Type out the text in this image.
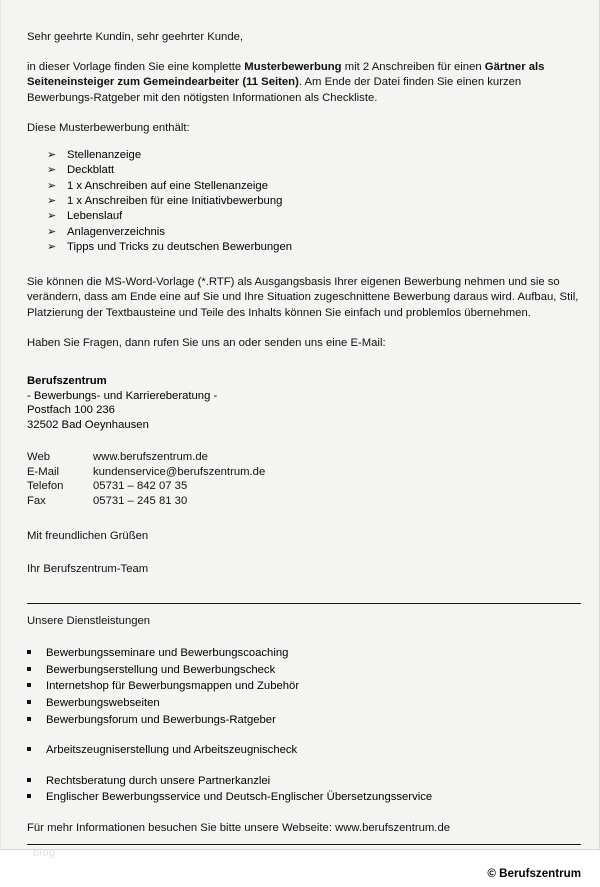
Sehr geehrte Kundin, sehr geehrter Kunde,

in dieser Vorlage finden Sie eine komplette Musterbewerbung mit 2 Anschreiben für einen Gärtner als Seiteneinsteiger zum Gemeindearbeiter (11 Seiten). Am Ende der Datei finden Sie einen kurzen Bewerbungs-Ratgeber mit den nötigsten Informationen als Checkliste.

Diese Musterbewerbung enthält:

➢ Stellenanzeige
➢ Deckblatt
➢ 1 x Anschreiben auf eine Stellenanzeige
➢ 1 x Anschreiben für eine Initiativbewerbung
➢ Lebenslauf
➢ Anlagenverzeichnis
➢ Tipps und Tricks zu deutschen Bewerbungen

Sie können die MS-Word-Vorlage (*.RTF) als Ausgangsbasis Ihrer eigenen Bewerbung nehmen und sie so verändern, dass am Ende eine auf Sie und Ihre Situation zugeschnittene Bewerbung daraus wird. Aufbau, Stil, Platzierung der Textbausteine und Teile des Inhalts können Sie einfach und problemlos übernehmen.

Haben Sie Fragen, dann rufen Sie uns an oder senden uns eine E-Mail:

Berufszentrum
- Bewerbungs- und Karriereberatung -
Postfach 100 236
32502 Bad Oeynhausen
Web	www.berufszentrum.de
E-Mail	kundenservice@berufszentrum.de
Telefon	05731 – 842 07 35
Fax	05731 – 245 81 30

Mit freundlichen Grüßen

Ihr Berufszentrum-Team

Unsere Dienstleistungen

Bewerbungsseminare und Bewerbungscoaching
Bewerbungserstellung und Bewerbungscheck
Internetshop für Bewerbungsmappen und Zubehör
Bewerbungswebseiten
Bewerbungsforum und Bewerbungs-Ratgeber
Arbeitszeugniserstellung und Arbeitszeugnischeck
Rechtsberatung durch unsere Partnerkanzlei
Englischer Bewerbungsservice und Deutsch-Englischer Übersetzungsservice

Für mehr Informationen besuchen Sie bitte unsere Webseite: www.berufszentrum.de

blog
© Berufszentrum
